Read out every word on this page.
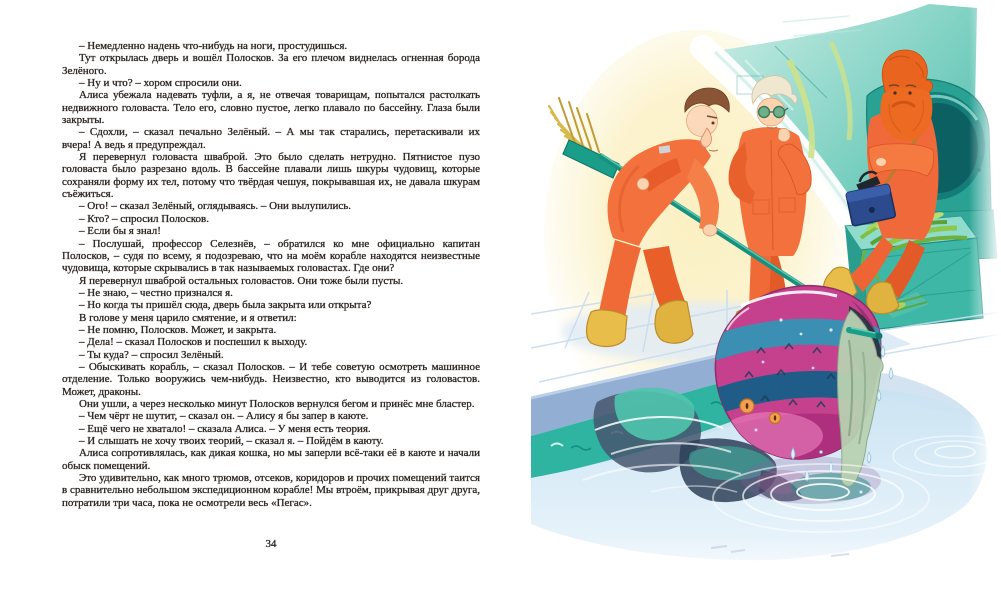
– Немедленно надень что-нибудь на ноги, простудишься.

Тут открылась дверь и вошёл Полосков. За его плечом виднелась огненная борода Зелёного.

– Ну и что? – хором спросили они.

Алиса убежала надевать туфли, а я, не отвечая товарищам, попытался растолкать недвижного головаста. Тело его, словно пустое, легко плавало по бассейну. Глаза были закрыты.

– Сдохли, – сказал печально Зелёный. – А мы так старались, перетаскивали их вчера! А ведь я предупреждал.

Я перевернул головаста шваброй. Это было сделать нетрудно. Пятнистое пузо головаста было разрезано вдоль. В бассейне плавали лишь шкуры чудовищ, которые сохраняли форму их тел, потому что твёрдая чешуя, покрывавшая их, не давала шкурам съёжиться.

– Ого! – сказал Зелёный, оглядываясь. – Они вылупились.

– Кто? – спросил Полосков.

– Если бы я знал!

– Послушай, профессор Селезнёв, – обратился ко мне официально капитан Полосков, – судя по всему, я подозреваю, что на моём корабле находятся неизвестные чудовища, которые скрывались в так называемых головастах. Где они?

Я перевернул шваброй остальных головастов. Они тоже были пусты.

– Не знаю, – честно признался я.

– Но когда ты пришёл сюда, дверь была закрыта или открыта?

В голове у меня царило смятение, и я ответил:

– Не помню, Полосков. Может, и закрыта.

– Дела! – сказал Полосков и поспешил к выходу.

– Ты куда? – спросил Зелёный.

– Обыскивать корабль, – сказал Полосков. – И тебе советую осмотреть машинное отделение. Только вооружись чем-нибудь. Неизвестно, кто выводится из головастов. Может, драконы.

Они ушли, а через несколько минут Полосков вернулся бегом и принёс мне бластер.

– Чем чёрт не шутит, – сказал он. – Алису я бы запер в каюте.

– Ещё чего не хватало! – сказала Алиса. – У меня есть теория.

– И слышать не хочу твоих теорий, – сказал я. – Пойдём в каюту.

Алиса сопротивлялась, как дикая кошка, но мы заперли всё-таки её в каюте и начали обыск помещений.

Это удивительно, как много трюмов, отсеков, коридоров и прочих помещений таится в сравнительно небольшом экспедиционном корабле! Мы втроём, прикрывая друг друга, потратили три часа, пока не осмотрели весь «Пегас».

34
